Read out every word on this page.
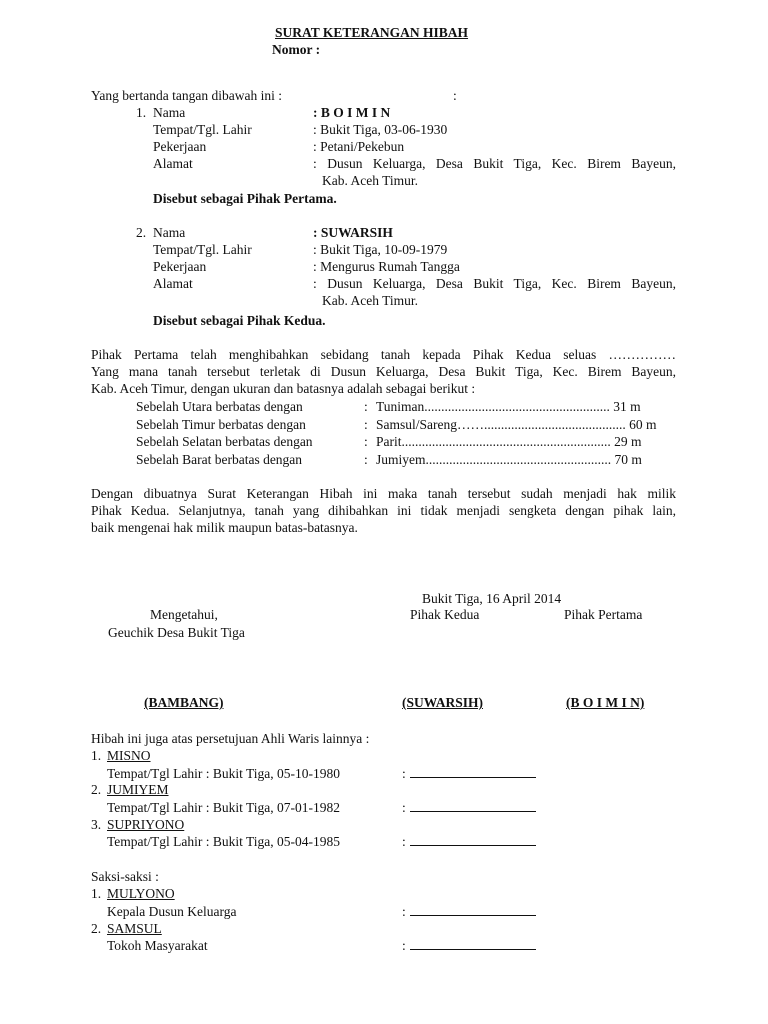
SURAT KETERANGAN HIBAH
Nomor :
Yang bertanda tangan dibawah ini :	:
1. Nama	: B O I M I N
Tempat/Tgl. Lahir	: Bukit Tiga, 03-06-1930
Pekerjaan	: Petani/Pekebun
Alamat	: Dusun Keluarga, Desa Bukit Tiga, Kec. Birem Bayeun,
Kab. Aceh Timur.
Disebut sebagai Pihak Pertama.
2. Nama	: SUWARSIH
Tempat/Tgl. Lahir	: Bukit Tiga, 10-09-1979
Pekerjaan	: Mengurus Rumah Tangga
Alamat	: Dusun Keluarga, Desa Bukit Tiga, Kec. Birem Bayeun,
Kab. Aceh Timur.
Disebut sebagai Pihak Kedua.
Pihak Pertama telah menghibahkan sebidang tanah kepada Pihak Kedua seluas ……………
Yang mana tanah tersebut terletak di Dusun Keluarga, Desa Bukit Tiga, Kec. Birem Bayeun,
Kab. Aceh Timur, dengan ukuran dan batasnya adalah sebagai berikut :
Sebelah Utara berbatas dengan	: Tuniman....................................................... 31 m
Sebelah Timur berbatas dengan	: Samsul/Sareng…….......................................... 60 m
Sebelah Selatan berbatas dengan	: Parit.............................................................. 29 m
Sebelah Barat berbatas dengan	: Jumiyem....................................................... 70 m
Dengan dibuatnya Surat Keterangan Hibah ini maka tanah tersebut sudah menjadi hak milik
Pihak Kedua. Selanjutnya, tanah yang dihibahkan ini tidak menjadi sengketa dengan pihak lain,
baik mengenai hak milik maupun batas-batasnya.
Bukit Tiga, 16 April 2014
Mengetahui,	Pihak Kedua	Pihak Pertama
Geuchik Desa Bukit Tiga
(BAMBANG)	(SUWARSIH)	(B O I M I N)
Hibah ini juga atas persetujuan Ahli Waris lainnya :
1. MISNO
Tempat/Tgl Lahir : Bukit Tiga, 05-10-1980	:
2. JUMIYEM
Tempat/Tgl Lahir : Bukit Tiga, 07-01-1982	:
3. SUPRIYONO
Tempat/Tgl Lahir : Bukit Tiga, 05-04-1985	:
Saksi-saksi :
1. MULYONO
Kepala Dusun Keluarga	:
2. SAMSUL
Tokoh Masyarakat	:
